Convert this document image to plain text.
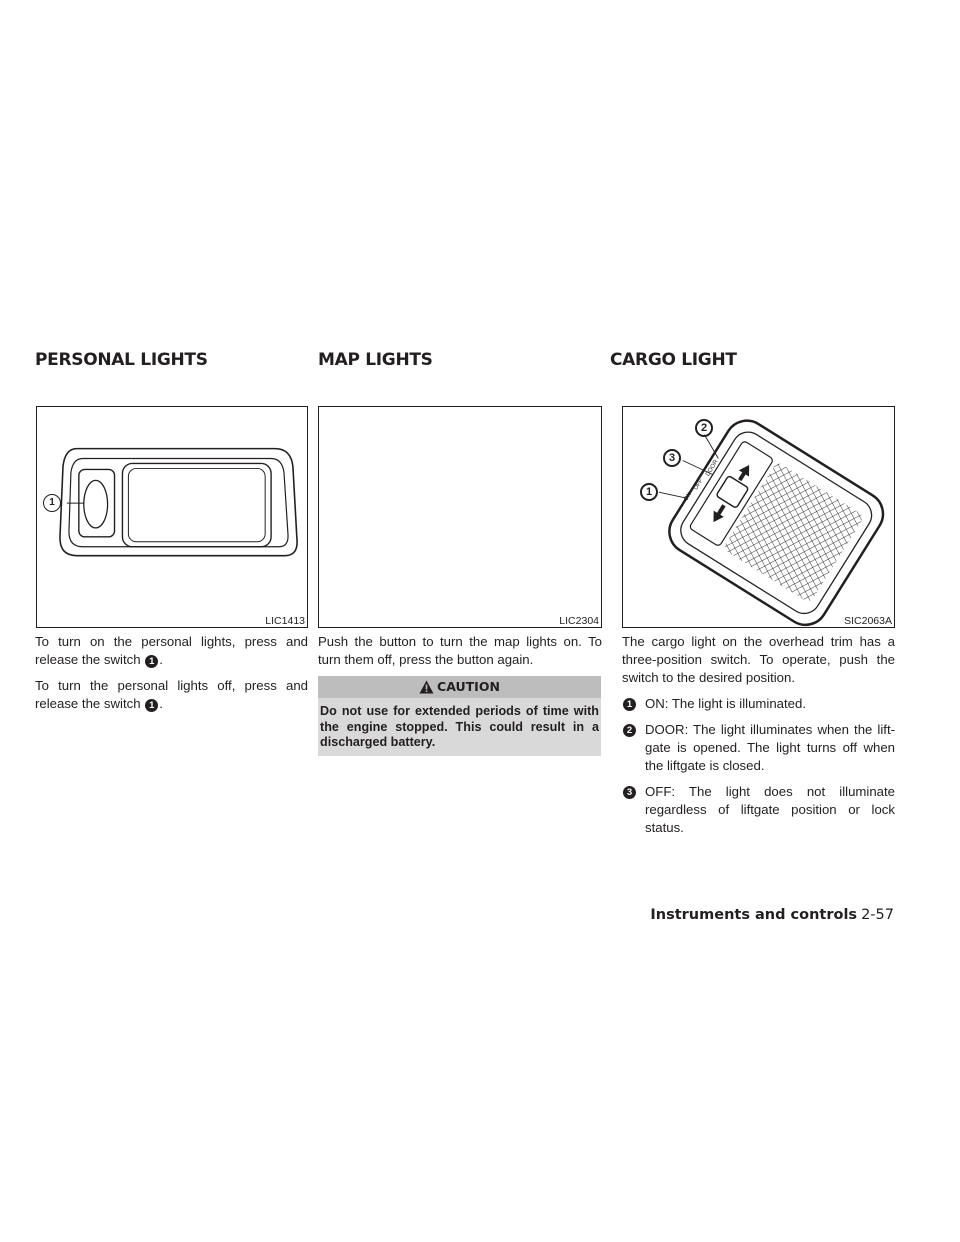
PERSONAL LIGHTS	MAP LIGHTS	CARGO LIGHT
1
LIC1413	LIC2304
ON
OFF
DOOR
2
3
1
SIC2063A

To turn on the personal lights, press and release the switch 1 .

To turn the personal lights off, press and release the switch 1 .

Push the button to turn the map lights on. To turn them off, press the button again.

CAUTION
Do not use for extended periods of time with the engine stopped. This could result in a discharged battery.

The cargo light on the overhead trim has a three-position switch. To operate, push the switch to the desired position.

1 ON: The light is illuminated.
2 DOOR: The light illuminates when the lift-gate is opened. The light turns off when the liftgate is closed.
3 OFF: The light does not illuminate regardless of liftgate position or lock status.
Instruments and controls 2-57
